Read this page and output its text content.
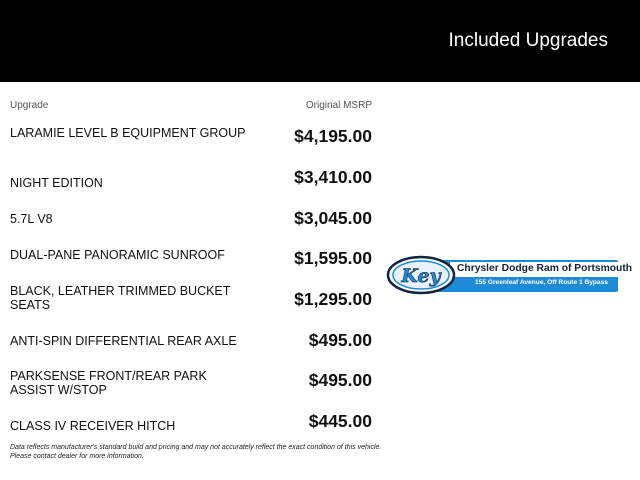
Included Upgrades
Upgrade	Original MSRP
LARAMIE LEVEL B EQUIPMENT GROUP	$4,195.00
NIGHT EDITION	$3,410.00
5.7L V8	$3,045.00
DUAL-PANE PANORAMIC SUNROOF	$1,595.00
BLACK, LEATHER TRIMMED BUCKET SEATS	$1,295.00
ANTI-SPIN DIFFERENTIAL REAR AXLE	$495.00
PARKSENSE FRONT/REAR PARK ASSIST W/STOP	$495.00
CLASS IV RECEIVER HITCH	$445.00
Data reflects manufacturer's standard build and pricing and may not accurately reflect the exact condition of this vehicle.
Please contact dealer for more information.
Chrysler Dodge Ram of Portsmouth
155 Greenleaf Avenue, Off Route 1 Bypass
Key
